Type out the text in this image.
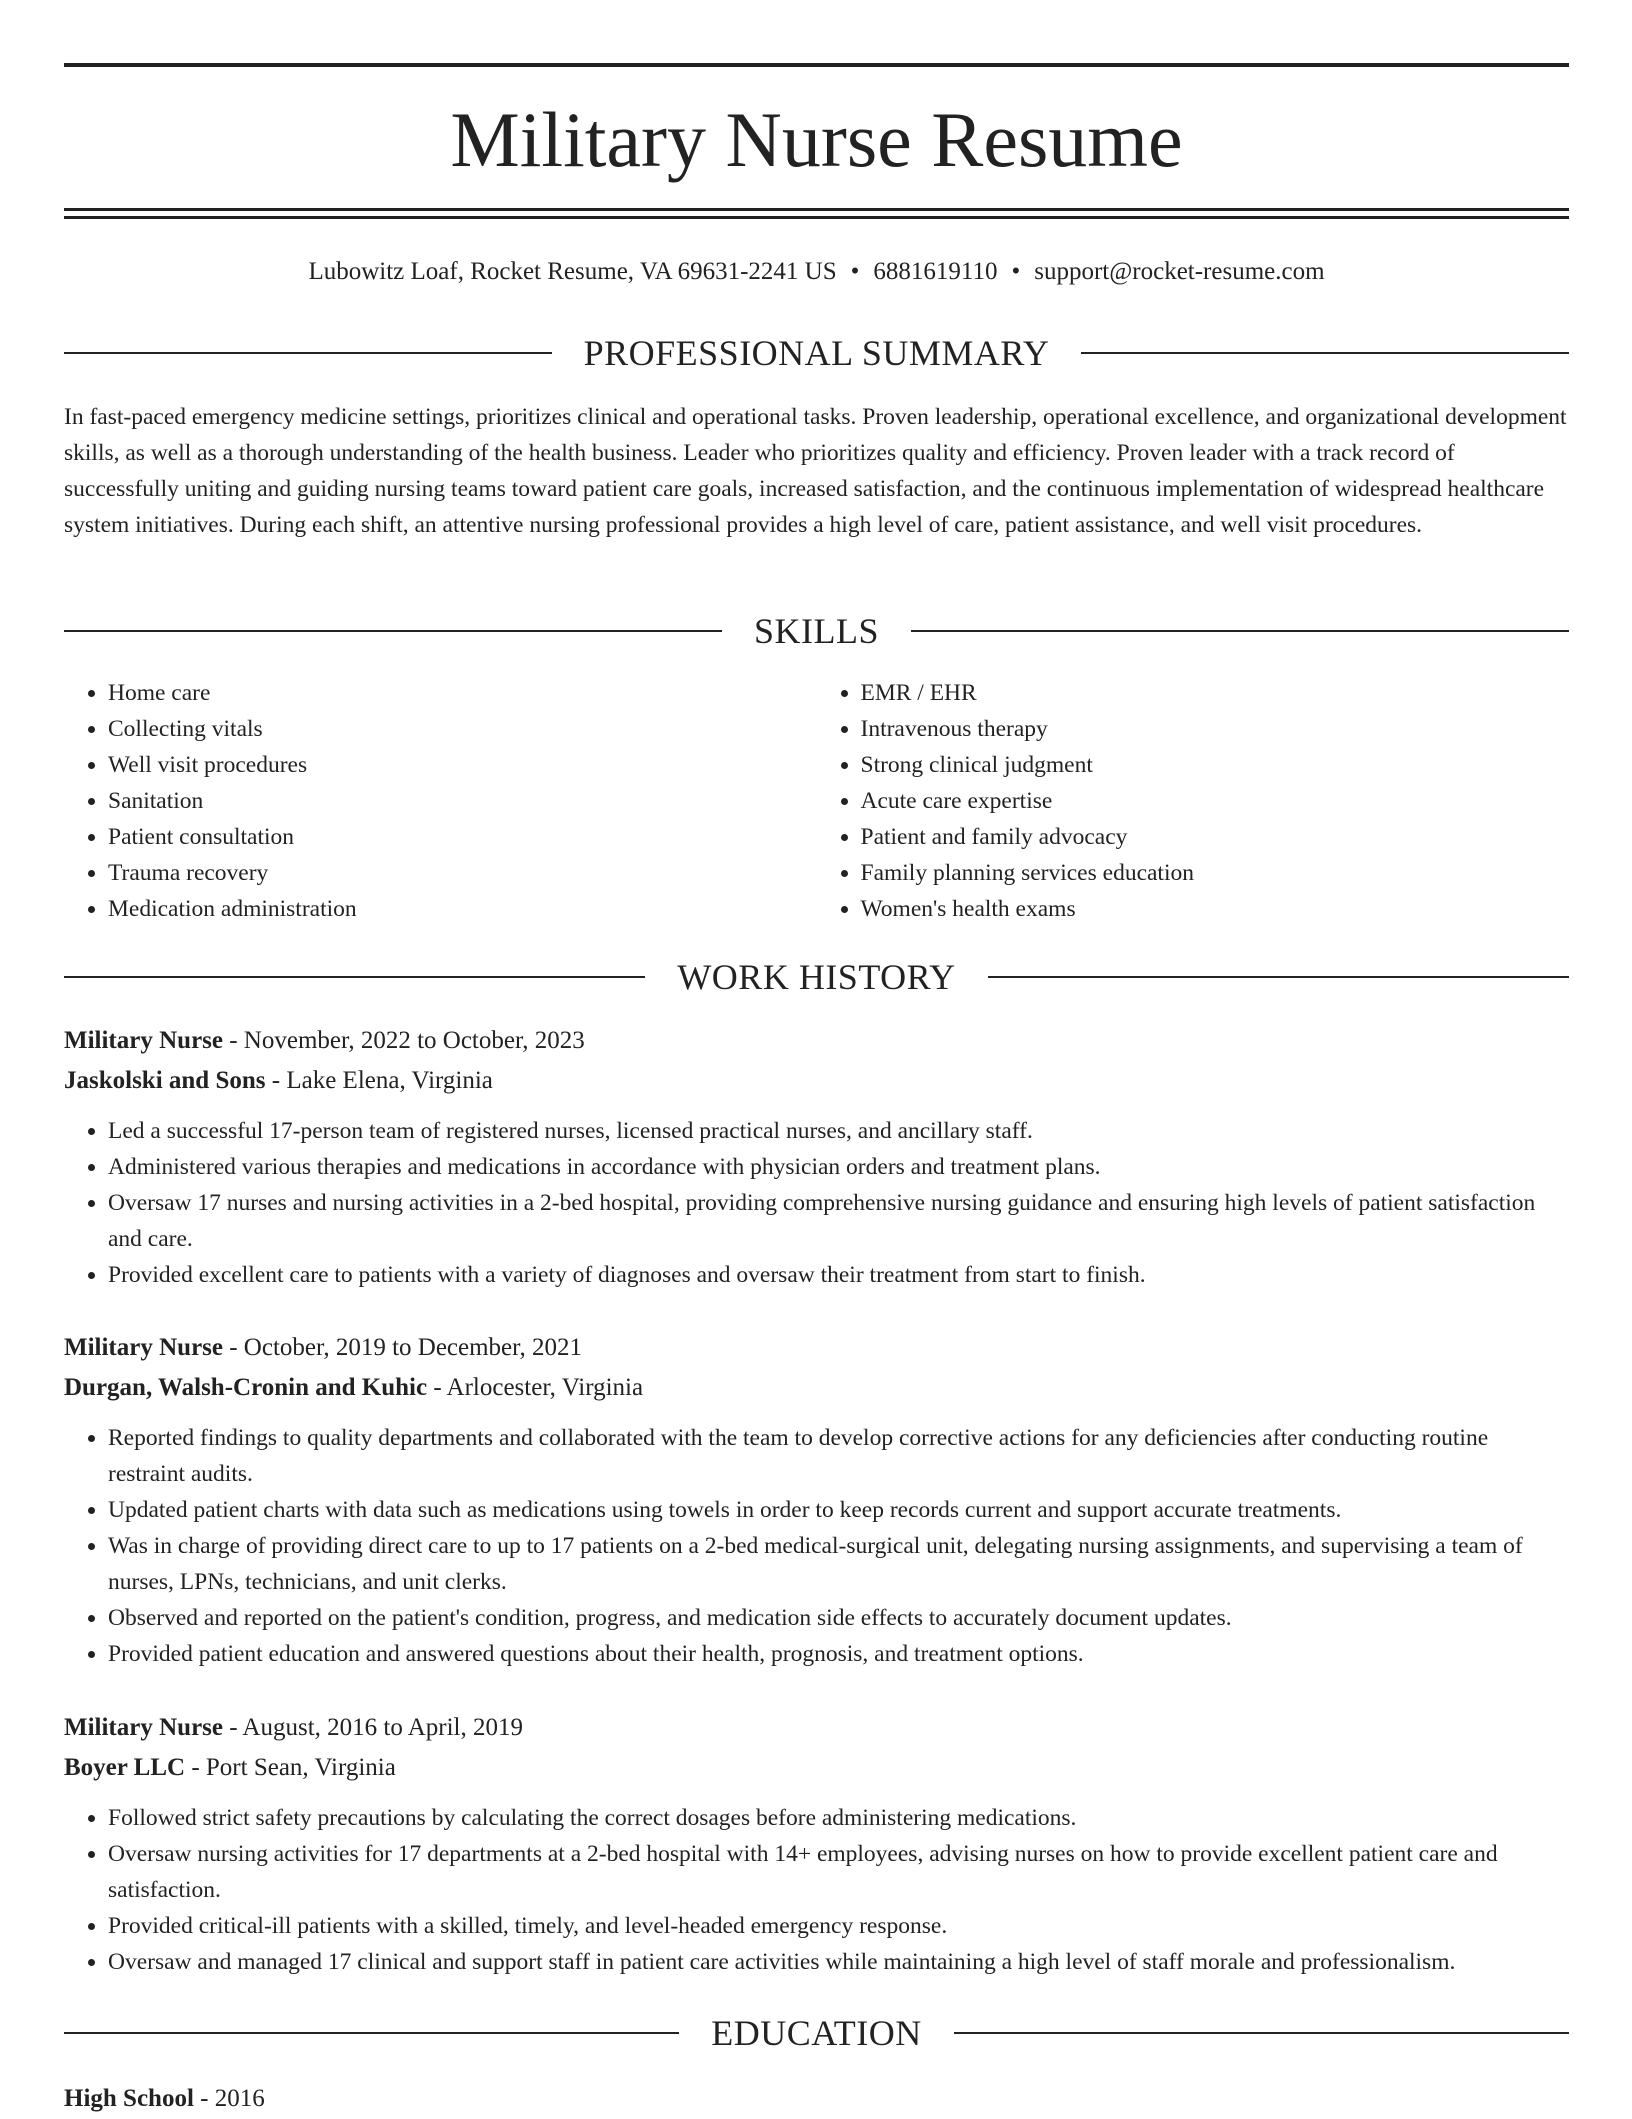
Military Nurse Resume
Lubowitz Loaf, Rocket Resume, VA 69631-2241 US • 6881619110 • support@rocket-resume.com
PROFESSIONAL SUMMARY

In fast-paced emergency medicine settings, prioritizes clinical and operational tasks. Proven leadership, operational excellence, and organizational development skills, as well as a thorough understanding of the health business. Leader who prioritizes quality and efficiency. Proven leader with a track record of successfully uniting and guiding nursing teams toward patient care goals, increased satisfaction, and the continuous implementation of widespread healthcare system initiatives. During each shift, an attentive nursing professional provides a high level of care, patient assistance, and well visit procedures.

SKILLS
• Home care
• Collecting vitals
• Well visit procedures
• Sanitation
• Patient consultation
• Trauma recovery
• Medication administration
• EMR / EHR
• Intravenous therapy
• Strong clinical judgment
• Acute care expertise
• Patient and family advocacy
• Family planning services education
• Women's health exams
WORK HISTORY

Military Nurse - November, 2022 to October, 2023

Jaskolski and Sons - Lake Elena, Virginia

• Led a successful 17-person team of registered nurses, licensed practical nurses, and ancillary staff.
• Administered various therapies and medications in accordance with physician orders and treatment plans.
• Oversaw 17 nurses and nursing activities in a 2-bed hospital, providing comprehensive nursing guidance and ensuring high levels of patient satisfaction and care.
• Provided excellent care to patients with a variety of diagnoses and oversaw their treatment from start to finish.

Military Nurse - October, 2019 to December, 2021

Durgan, Walsh-Cronin and Kuhic - Arlocester, Virginia

• Reported findings to quality departments and collaborated with the team to develop corrective actions for any deficiencies after conducting routine restraint audits.
• Updated patient charts with data such as medications using towels in order to keep records current and support accurate treatments.
• Was in charge of providing direct care to up to 17 patients on a 2-bed medical-surgical unit, delegating nursing assignments, and supervising a team of nurses, LPNs, technicians, and unit clerks.
• Observed and reported on the patient's condition, progress, and medication side effects to accurately document updates.
• Provided patient education and answered questions about their health, prognosis, and treatment options.

Military Nurse - August, 2016 to April, 2019

Boyer LLC - Port Sean, Virginia

• Followed strict safety precautions by calculating the correct dosages before administering medications.
• Oversaw nursing activities for 17 departments at a 2-bed hospital with 14+ employees, advising nurses on how to provide excellent patient care and satisfaction.
• Provided critical-ill patients with a skilled, timely, and level-headed emergency response.
• Oversaw and managed 17 clinical and support staff in patient care activities while maintaining a high level of staff morale and professionalism.
EDUCATION

High School - 2016
